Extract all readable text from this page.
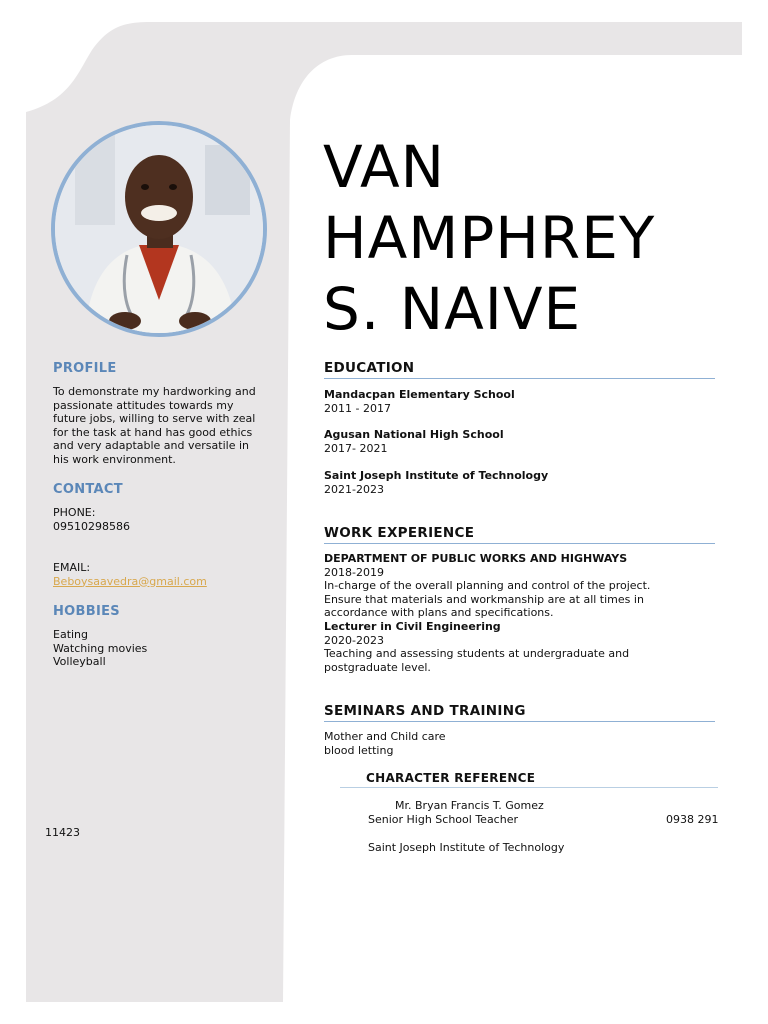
PROFILE
To demonstrate my hardworking and
passionate attitudes towards my
future jobs, willing to serve with zeal
for the task at hand has good ethics
and very adaptable and versatile in
his work environment.
CONTACT
PHONE:
09510298586
EMAIL:
Beboysaavedra@gmail.com
HOBBIES
Eating
Watching movies
Volleyball
11423
VAN
HAMPHREY
S. NAIVE
EDUCATION
Mandacpan Elementary School
2011 - 2017
Agusan National High School
2017- 2021
Saint Joseph Institute of Technology
2021-2023
WORK EXPERIENCE
DEPARTMENT OF PUBLIC WORKS AND HIGHWAYS
2018-2019
In-charge of the overall planning and control of the project.
Ensure that materials and workmanship are at all times in
accordance with plans and specifications.
Lecturer in Civil Engineering
2020-2023
Teaching and assessing students at undergraduate and
postgraduate level.
SEMINARS AND TRAINING
Mother and Child care
blood letting
CHARACTER REFERENCE
Mr. Bryan Francis T. Gomez
Senior High School Teacher	0938 291
Saint Joseph Institute of Technology
